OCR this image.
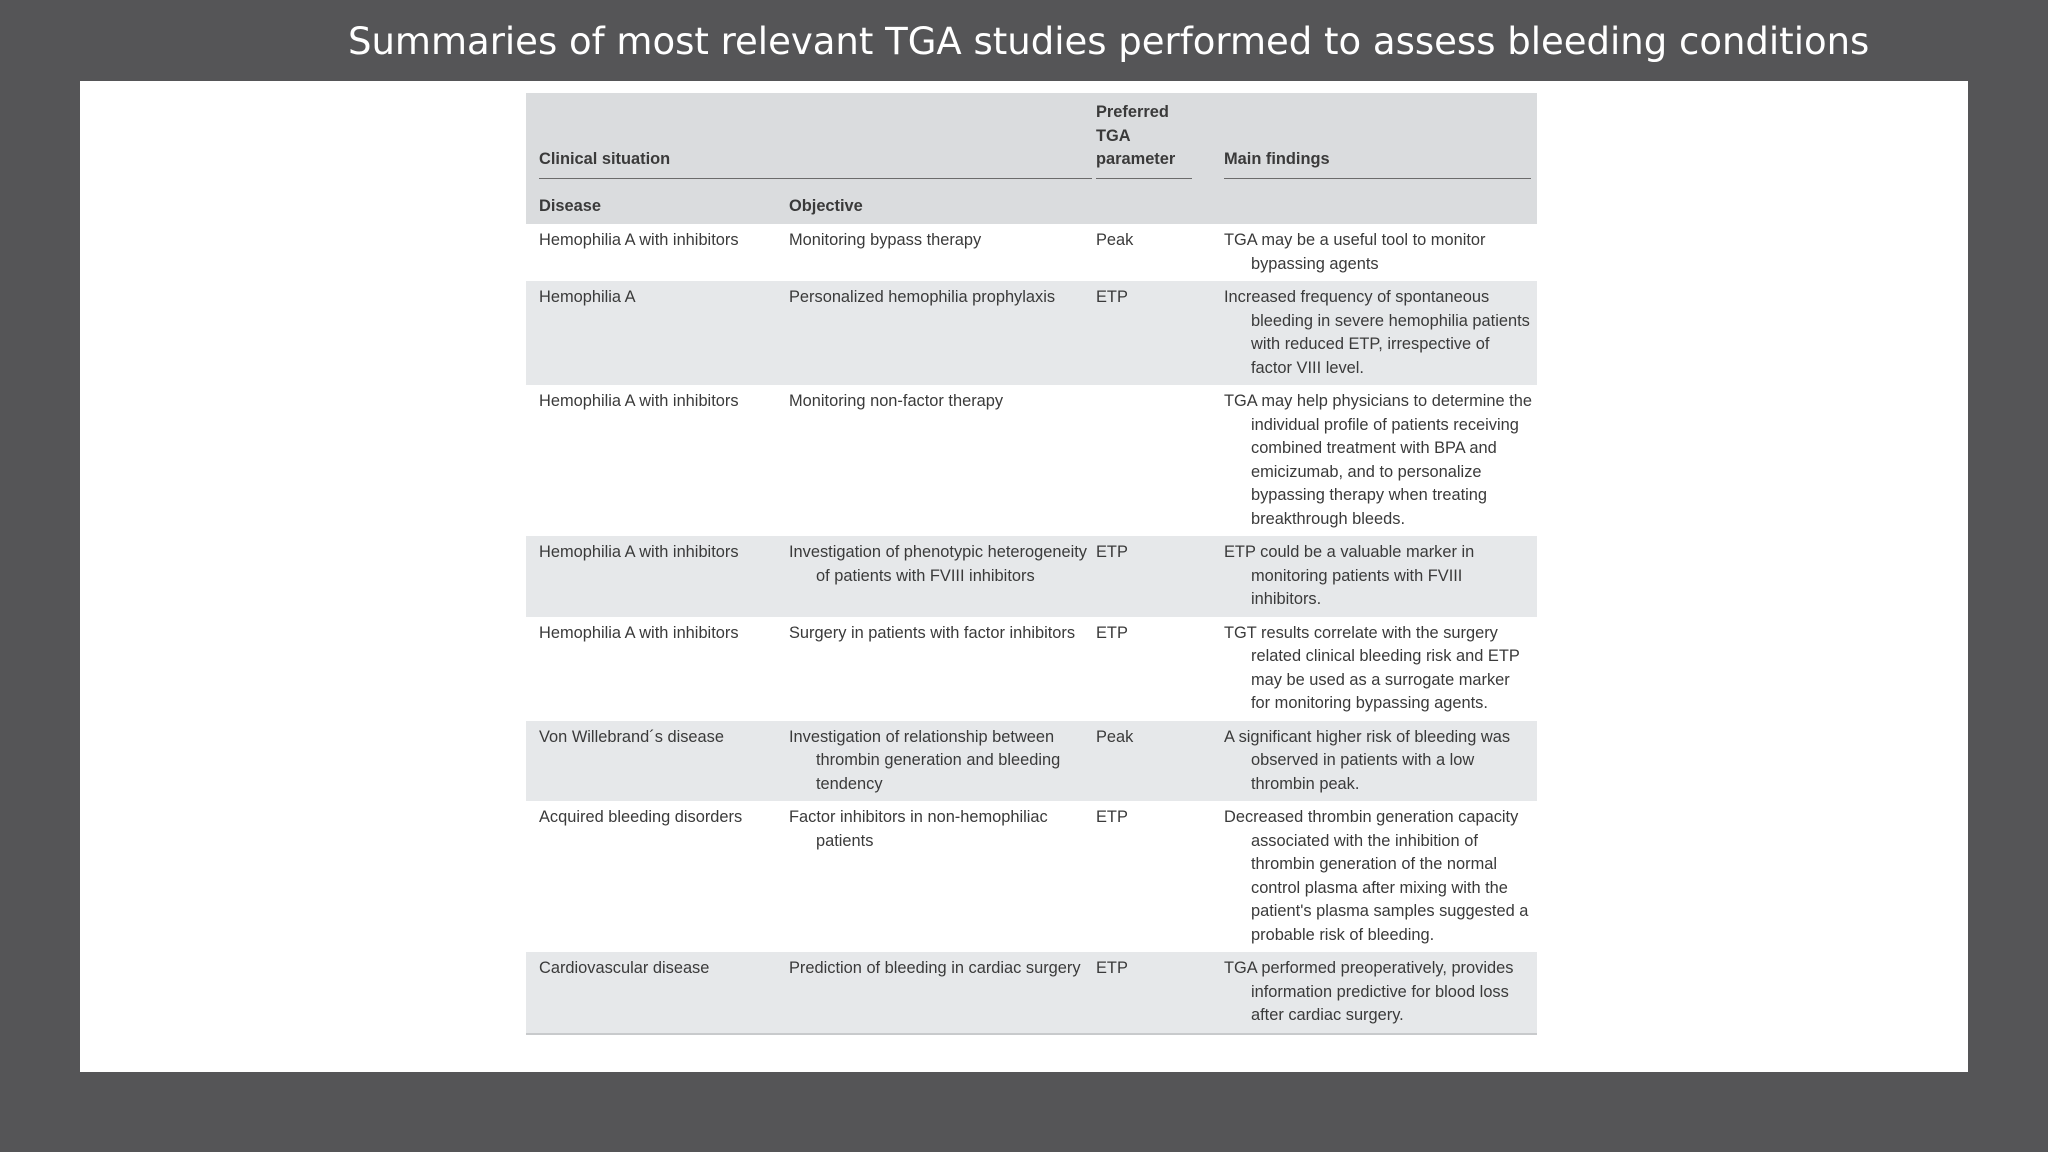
Summaries of most relevant TGA studies performed to assess bleeding conditions
Clinical situation		Preferred TGA parameter	Main findings

Disease	Objective		

Hemophilia A with inhibitors	Monitoring bypass therapy	Peak	TGA may be a useful tool to monitor bypassing agents

Hemophilia A	Personalized hemophilia prophylaxis	ETP	Increased frequency of spontaneous bleeding in severe hemophilia patients with reduced ETP, irrespective of factor VIII level.

Hemophilia A with inhibitors	Monitoring non-factor therapy		TGA may help physicians to determine the individual profile of patients receiving combined treatment with BPA and emicizumab, and to personalize bypassing therapy when treating breakthrough bleeds.

Hemophilia A with inhibitors	Investigation of phenotypic heterogeneity of patients with FVIII inhibitors	ETP	ETP could be a valuable marker in monitoring patients with FVIII inhibitors.

Hemophilia A with inhibitors	Surgery in patients with factor inhibitors	ETP	TGT results correlate with the surgery related clinical bleeding risk and ETP may be used as a surrogate marker for monitoring bypassing agents.

Von Willebrand´s disease	Investigation of relationship between thrombin generation and bleeding tendency	Peak	A significant higher risk of bleeding was observed in patients with a low thrombin peak.

Acquired bleeding disorders	Factor inhibitors in non-hemophiliac patients	ETP	Decreased thrombin generation capacity associated with the inhibition of thrombin generation of the normal control plasma after mixing with the patient's plasma samples suggested a probable risk of bleeding.

Cardiovascular disease	Prediction of bleeding in cardiac surgery	ETP	TGA performed preoperatively, provides information predictive for blood loss after cardiac surgery.
